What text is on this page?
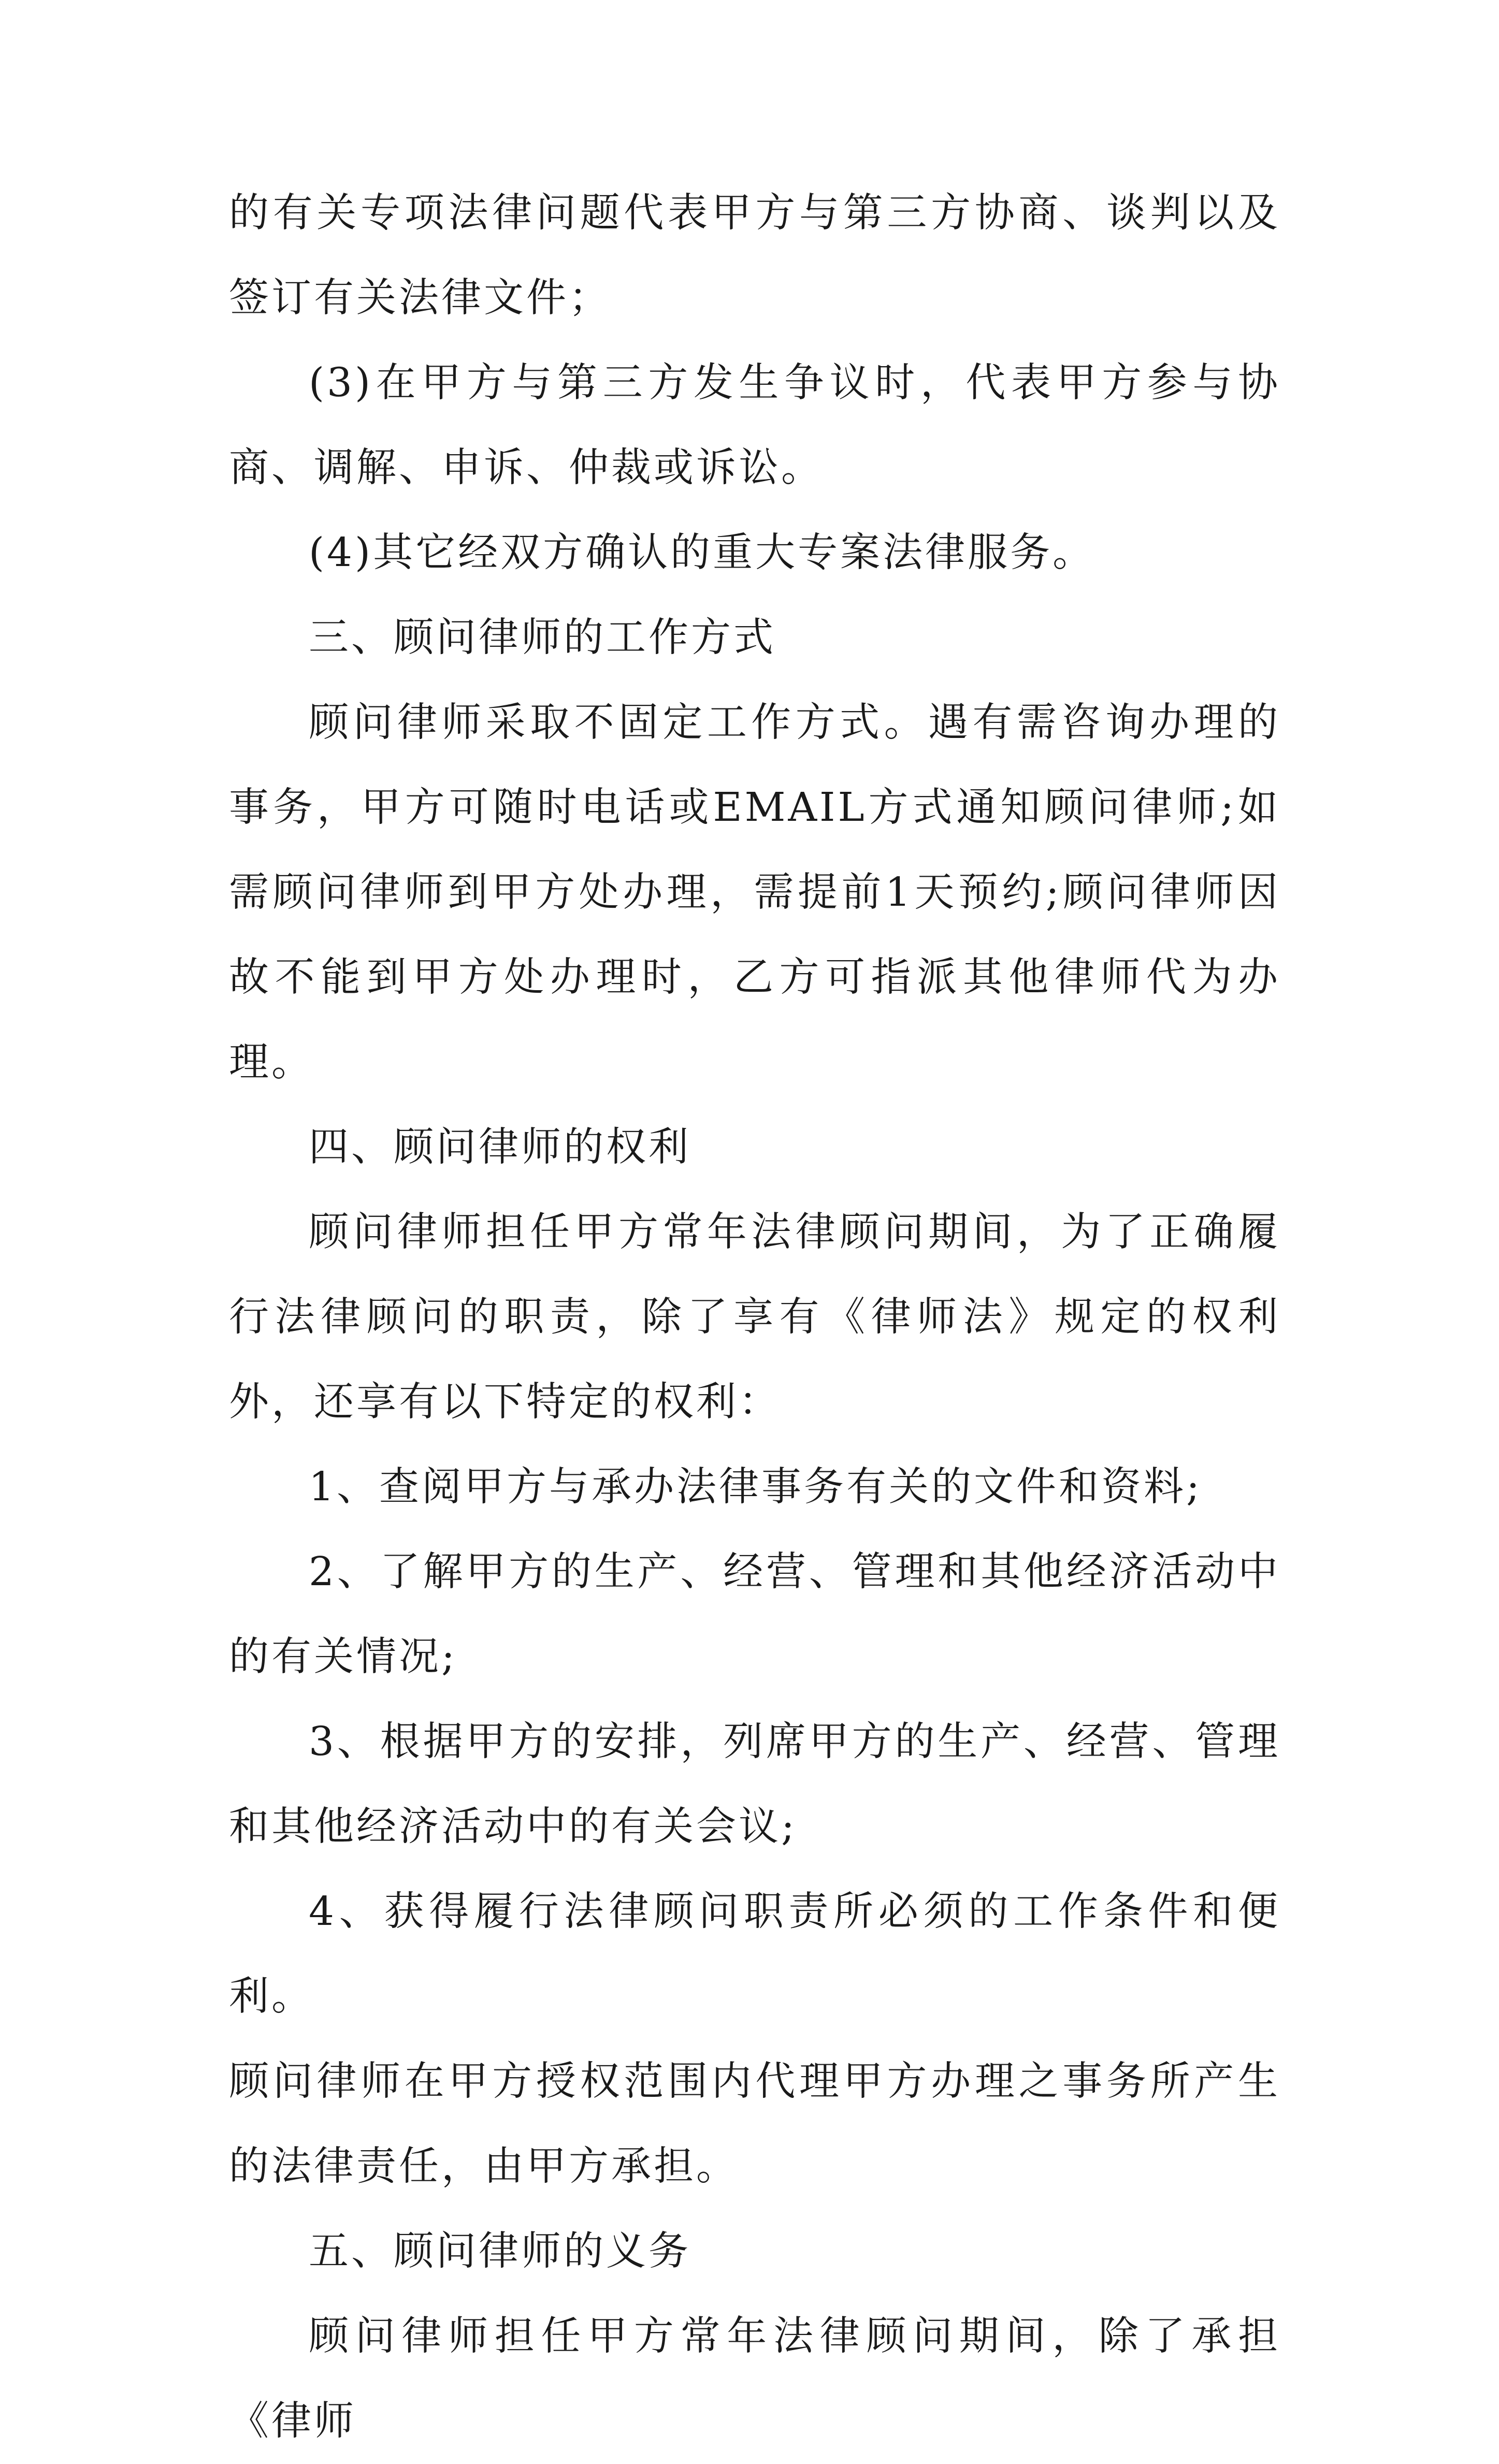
的有关专项法律问题代表甲方与第三方协商、谈判以及签订有关法律文件；

(3)在甲方与第三方发生争议时，代表甲方参与协商、调解、申诉、仲裁或诉讼。

(4)其它经双方确认的重大专案法律服务。

三、顾问律师的工作方式

顾问律师采取不固定工作方式。遇有需咨询办理的事务，甲方可随时电话或EMAIL方式通知顾问律师;如需顾问律师到甲方处办理，需提前1天预约;顾问律师因故不能到甲方处办理时，乙方可指派其他律师代为办理。

四、顾问律师的权利

顾问律师担任甲方常年法律顾问期间，为了正确履行法律顾问的职责，除了享有《律师法》规定的权利外，还享有以下特定的权利：

1、查阅甲方与承办法律事务有关的文件和资料;

2、了解甲方的生产、经营、管理和其他经济活动中的有关情况;

3、根据甲方的安排，列席甲方的生产、经营、管理和其他经济活动中的有关会议;

4、获得履行法律顾问职责所必须的工作条件和便利。

顾问律师在甲方授权范围内代理甲方办理之事务所产生的法律责任，由甲方承担。

五、顾问律师的义务

顾问律师担任甲方常年法律顾问期间，除了承担《律师
